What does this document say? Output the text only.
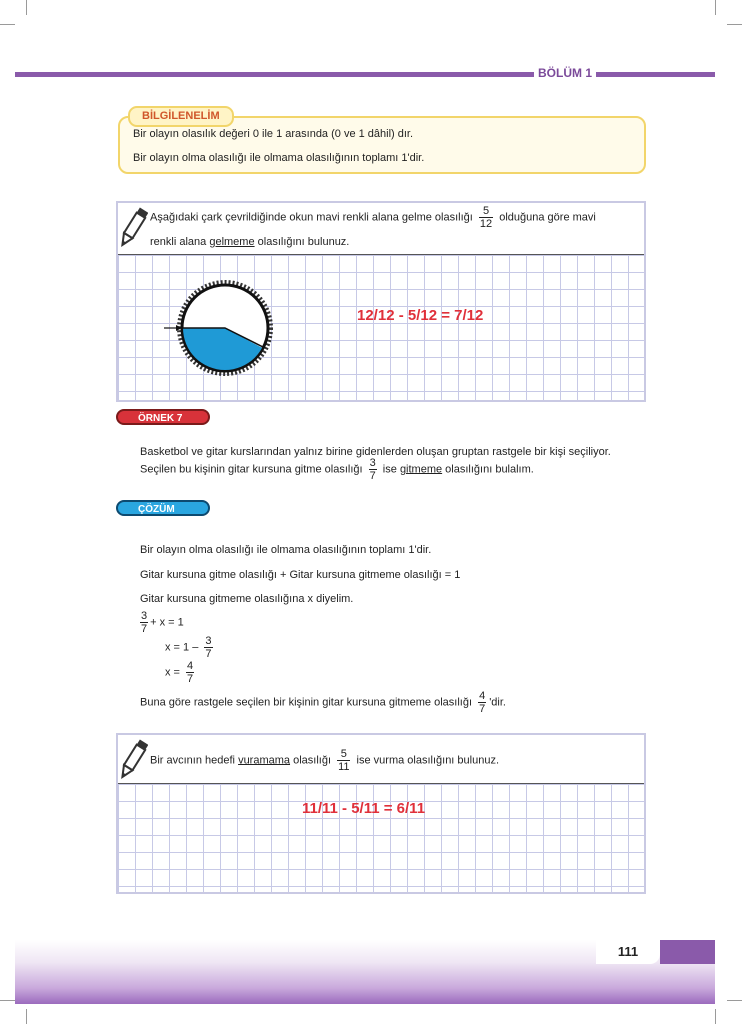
BÖLÜM 1
BİLGİLENELİM
Bir olayın olasılık değeri 0 ile 1 arasında (0 ve 1 dâhil) dır.
Bir olayın olma olasılığı ile olmama olasılığının toplamı 1'dir.
Aşağıdaki çark çevrildiğinde okun mavi renkli alana gelme olasılığı $\frac{5}{12}$ olduğuna göre mavi
renkli alana gelmeme olasılığını bulunuz.
12/12 - 5/12 = 7/12
ÖRNEK 7
Basketbol ve gitar kurslarından yalnız birine gidenlerden oluşan gruptan rastgele bir kişi seçiliyor.
Seçilen bu kişinin gitar kursuna gitme olasılığı $\frac{3}{7}$ ise gitmeme olasılığını bulalım.
ÇÖZÜM
Bir olayın olma olasılığı ile olmama olasılığının toplamı 1'dir.
Gitar kursuna gitme olasılığı + Gitar kursuna gitmeme olasılığı = 1
Gitar kursuna gitmeme olasılığına x diyelim.
$\frac{3}{7} + x = 1$
$x = 1 - \frac{3}{7}$
$x = \frac{4}{7}$
Buna göre rastgele seçilen bir kişinin gitar kursuna gitmeme olasılığı $\frac{4}{7}$ 'dir.
Bir avcının hedefi vuramama olasılığı $\frac{5}{11}$ ise vurma olasılığını bulunuz.
11/11 - 5/11 = 6/11
111
